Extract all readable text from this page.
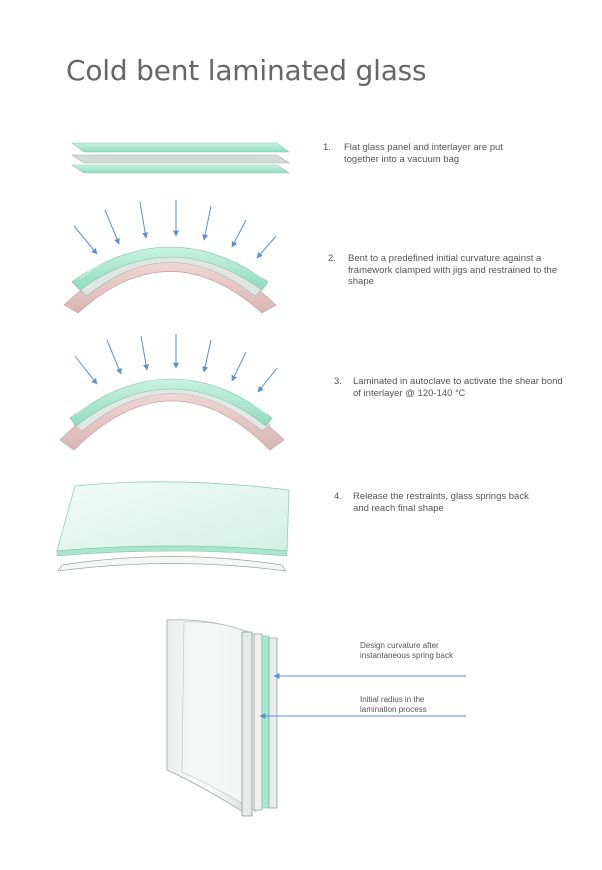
Cold bent laminated glass
1. Flat glass panel and interlayer are put together into a vacuum bag
2. Bent to a predefined initial curvature against a framework clamped with jigs and restrained to the shape
3. Laminated in autoclave to activate the shear bond of interlayer @ 120-140 °C
4. Release the restraints, glass springs back and reach final shape
Design curvature after instantaneous spring back
Initial radius in the lamination process
